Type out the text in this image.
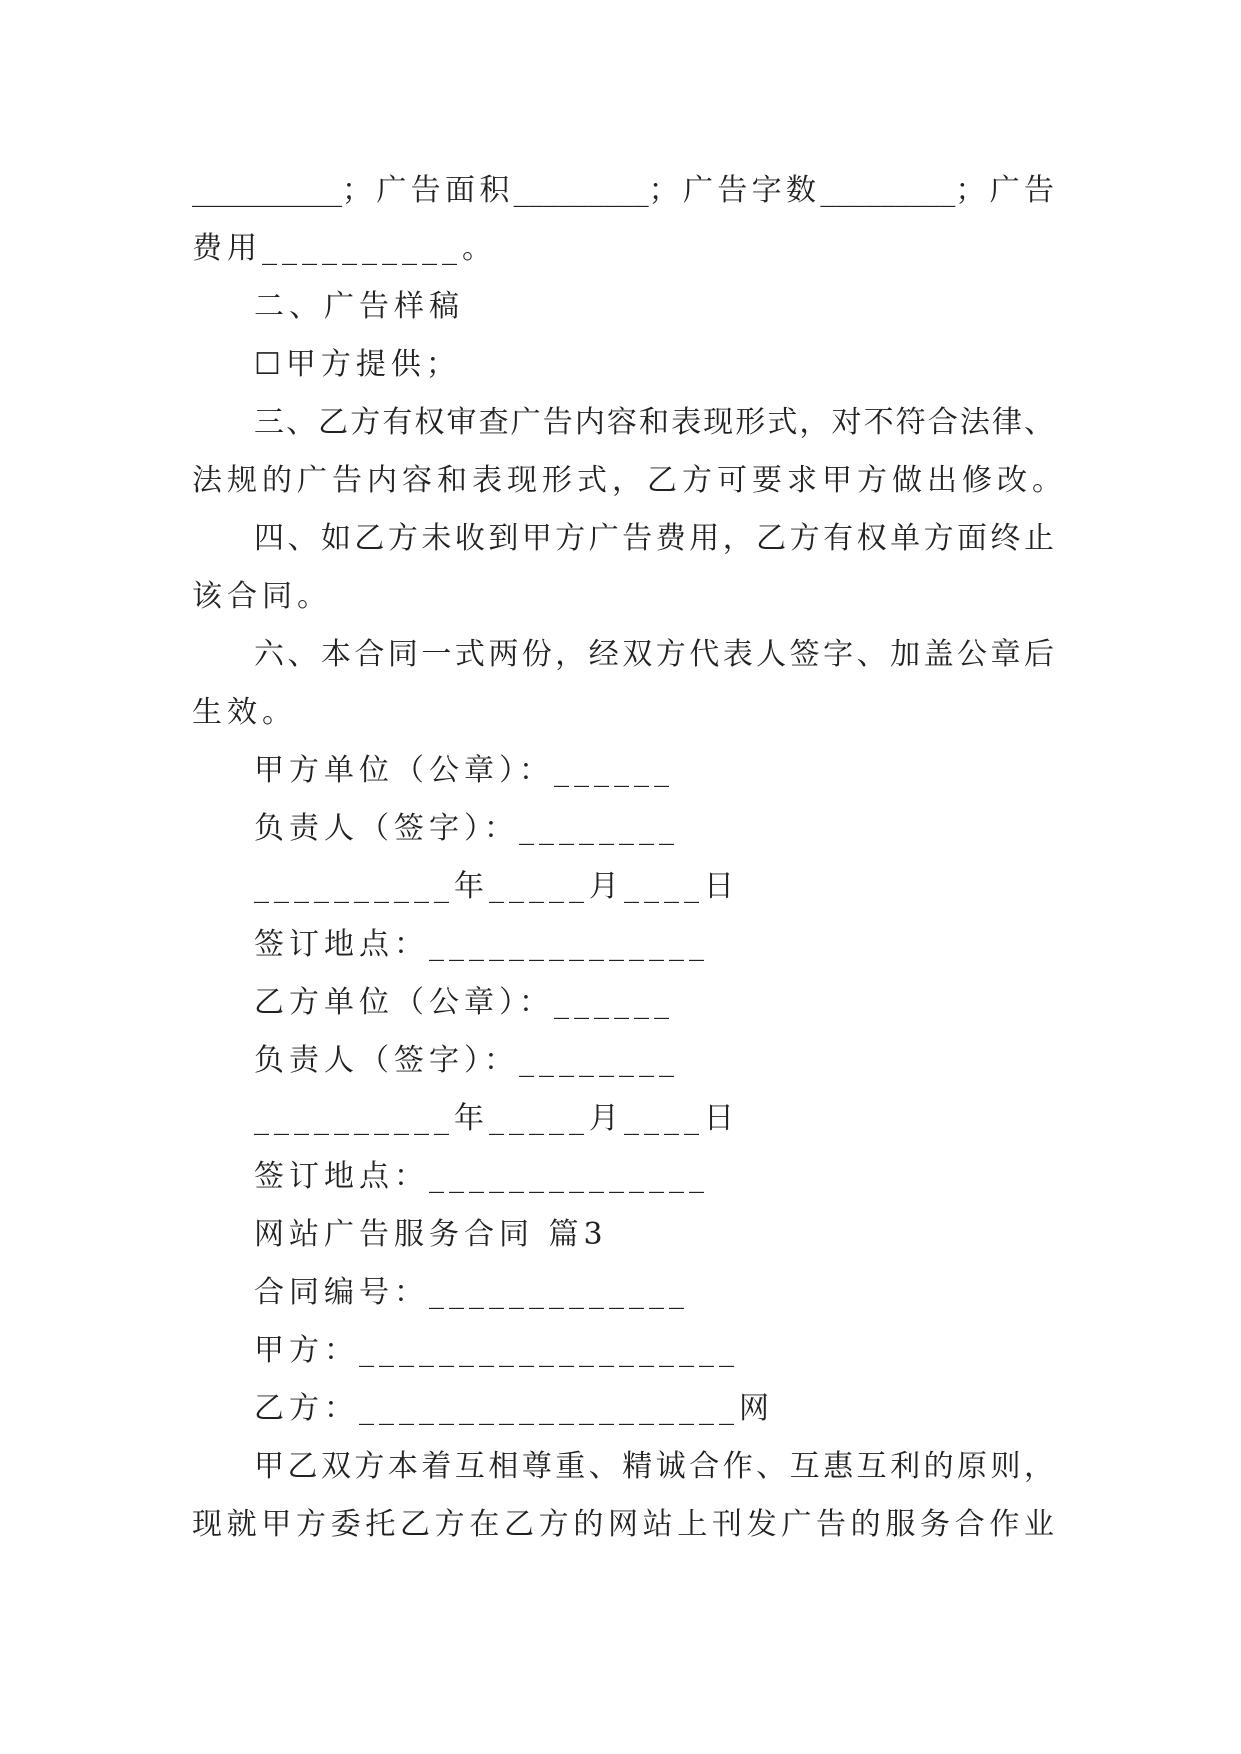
__________；广告面积_________；广告字数_________；广告
费用__________。
二、广告样稿
☐甲方提供；
三、乙方有权审查广告内容和表现形式，对不符合法律、
法规的广告内容和表现形式，乙方可要求甲方做出修改。
四、如乙方未收到甲方广告费用，乙方有权单方面终止
该合同。
六、本合同一式两份，经双方代表人签字、加盖公章后
生效。
甲方单位（公章）：______
负责人（签字）：________
__________年_____月____日
签订地点：______________
乙方单位（公章）：______
负责人（签字）：________
__________年_____月____日
签订地点：______________
网站广告服务合同 篇3
合同编号：_____________
甲方：___________________
乙方：___________________网
甲乙双方本着互相尊重、精诚合作、互惠互利的原则，
现就甲方委托乙方在乙方的网站上刊发广告的服务合作业
